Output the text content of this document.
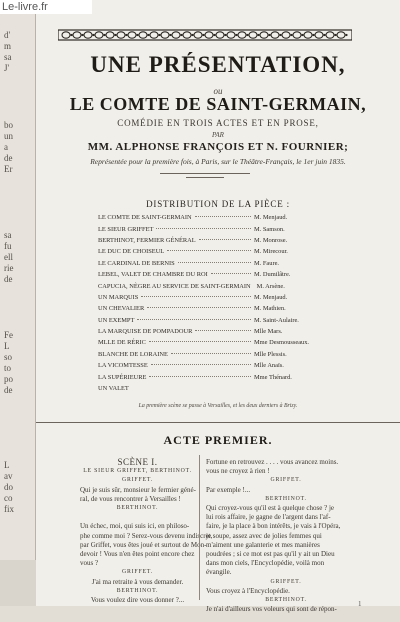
Le-livre.fr
d'
m
sa
J'
bo
un
a
de
Er
sa
fu
ell
rie
de
Fe
L
so
to
po
de
L
av
do
co
fix
UNE PRÉSENTATION,
ou
LE COMTE DE SAINT-GERMAIN,
COMÉDIE EN TROIS ACTES ET EN PROSE,
PAR
MM. ALPHONSE FRANÇOIS ET N. FOURNIER;
Représentée pour la première fois, à Paris, sur le Théâtre-Français, le 1er juin 1835.
DISTRIBUTION DE LA PIÈCE :
LE COMTE DE SAINT-GERMAIN	M. Menjaud.
LE SIEUR GRIFFET	M. Samson.
BERTHINOT, FERMIER GÉNÉRAL	M. Monrose.
LE DUC DE CHOISEUL	M. Mirecour.
LE CARDINAL DE BERNIS	M. Faure.
LEBEL, VALET DE CHAMBRE DU ROI	M. Dumilâtre.
CAPUCIA, NÈGRE AU SERVICE DE SAINT-GERMAIN M. Arsène.
UN MARQUIS	M. Menjaud.
UN CHEVALIER	M. Mathien.
UN EXEMPT	M. Saint-Aulaire.
LA MARQUISE DE POMPADOUR	Mlle Mars.
MLLE DE RÉRIC	Mme Desmousseaux.
BLANCHE DE LORAINE	Mlle Plessis.
LA VICOMTESSE	Mlle Anaïs.
LA SUPÉRIEURE	Mme Thénard.
UN VALET
La première scène se passe à Versailles, et les deux derniers à Brizy.
ACTE PREMIER.
SCÈNE I.
LE SIEUR GRIFFET, BERTHINOT.
GRIFFET.
Qui je suis sûr, monsieur le fermier géné-
ral, de vous rencontrer à Versailles !
BERTHINOT.

Un échec, moi, qui suis ici, en philoso-
phe comme moi ? Serez-vous devenu indiscret,
par Griffet, vous êtes joué et surtout de Mon-
devoir ! Vous n'en êtes point encore chez
vous ?
GRIFFET.
J'ai ma retraite à vous demander.
BERTHINOT.
Vous voulez dire vous donner ?...
Fortune en retrouvez . . . . vous avancez moins.
vous ne croyez à rien !
GRIFFET.
Par exemple !...
BERTHINOT.
Qui croyez-vous qu'il est à quelque chose ? je
lui rois affaire, je gagne de l'argent dans l'af-
faire, je la place à bon intérêts, je vais à l'Opéra,
je soupe, assez avec de jolies femmes qui
m'aiment une galanterie et mes manières
poudrées ; si ce mot est pas qu'il y ait un Dieu
dans mon ciels, l'Encyclopédie, voilà mon
évangile.
GRIFFET.
Vous croyez à l'Encyclopédie.
BERTHINOT.
Je n'ai d'ailleurs vos voleurs qui sont de répon-
1
